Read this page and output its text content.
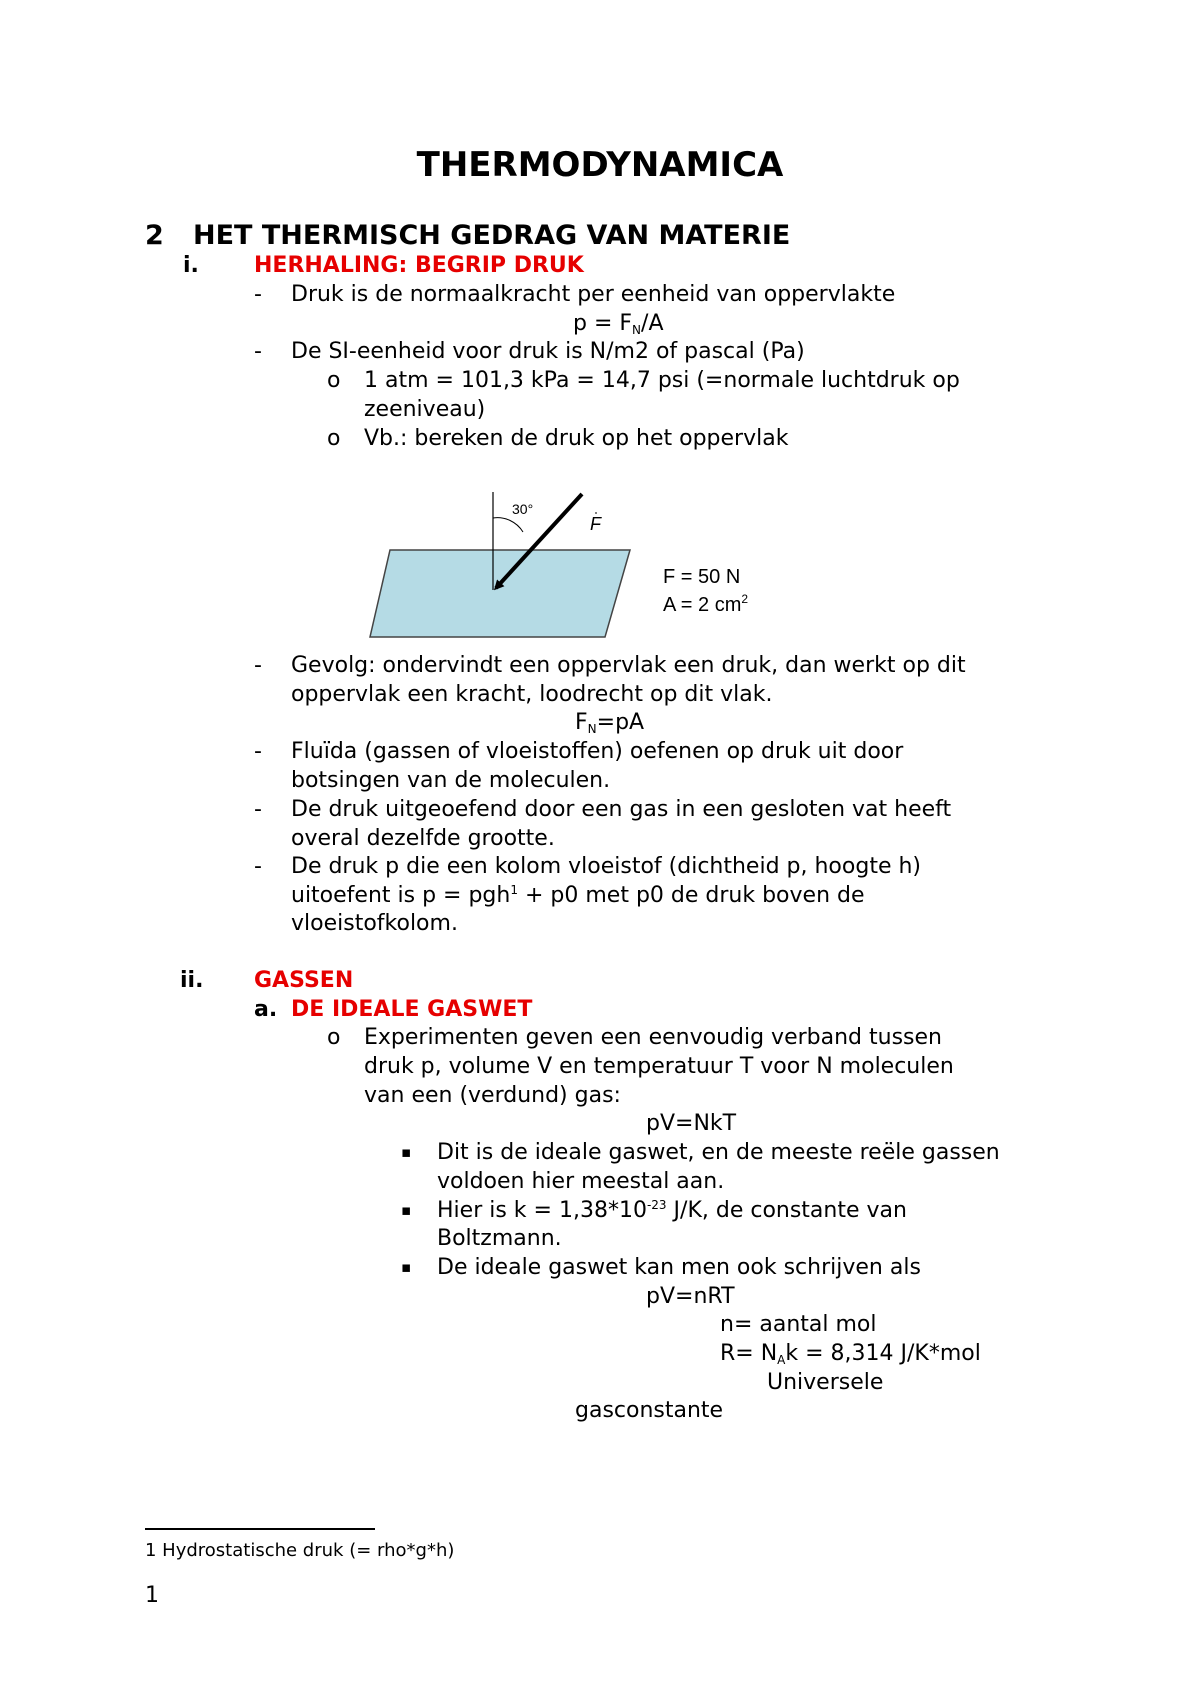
THERMODYNAMICA
2 HET THERMISCH GEDRAG VAN MATERIE
i.	HERHALING: BEGRIP DRUK
- Druk is de normaalkracht per eenheid van oppervlakte
$p = F_N/A$
- De SI-eenheid voor druk is N/m2 of pascal (Pa)
o 1 atm = 101,3 kPa = 14,7 psi (=normale luchtdruk op
zeeniveau)
o Vb.: bereken de druk op het oppervlak
30°
F
F = 50 N
A = 2 $cm^2$
- Gevolg: ondervindt een oppervlak een druk, dan werkt op dit
oppervlak een kracht, loodrecht op dit vlak.
$F_N=pA$
- Fluïda (gassen of vloeistoffen) oefenen op druk uit door
botsingen van de moleculen.
- De druk uitgeoefend door een gas in een gesloten vat heeft
overal dezelfde grootte.
- De druk p die een kolom vloeistof (dichtheid p, hoogte h)
uitoefent is p = pgh$^1$ + p0 met p0 de druk boven de
vloeistofkolom.
ii. GASSEN
a. DE IDEALE GASWET
o Experimenten geven een eenvoudig verband tussen
druk p, volume V en temperatuur T voor N moleculen
van een (verdund) gas:
pV=NkT
▪ Dit is de ideale gaswet, en de meeste reële gassen
voldoen hier meestal aan.
▪ Hier is $k = 1,38*10^{-23}$ J/K, de constante van
Boltzmann.
▪ De ideale gaswet kan men ook schrijven als
pV=nRT
n= aantal mol
$R= N_Ak = 8,314$ J/K*mol
Universele
gasconstante
1 Hydrostatische druk (= rho*g*h)
1
